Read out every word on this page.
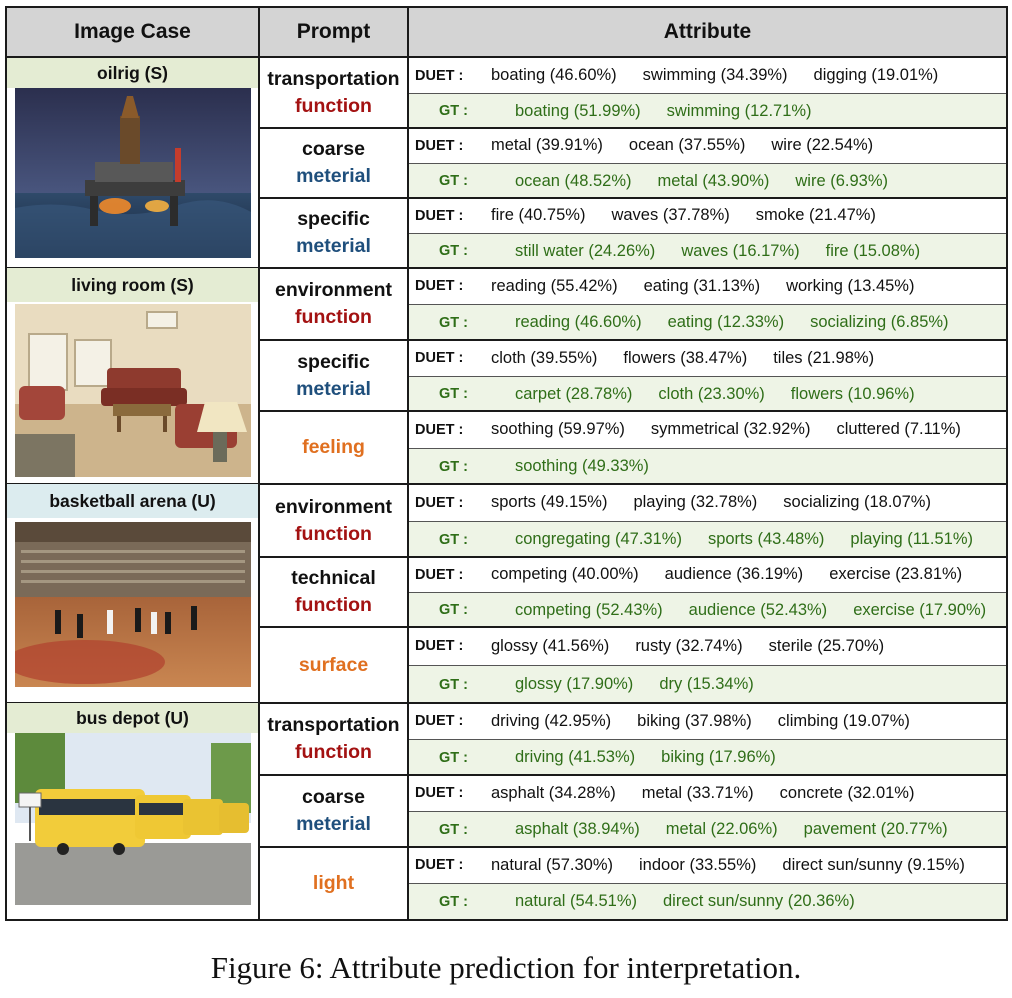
Image Case	Prompt	Attribute
oilrig (S)	transportation
function
DUET :	boating (46.60%) swimming (34.39%) digging (19.01%)
GT :	boating (51.99%) swimming (12.71%)
coarse
meterial
DUET :	metal (39.91%) ocean (37.55%) wire (22.54%)
GT :	ocean (48.52%) metal (43.90%) wire (6.93%)
specific
meterial
DUET :	fire (40.75%) waves (37.78%) smoke (21.47%)
GT :	still water (24.26%) waves (16.17%) fire (15.08%)
living room (S)	environment
function
DUET :	reading (55.42%) eating (31.13%) working (13.45%)
GT :	reading (46.60%) eating (12.33%) socializing (6.85%)
specific
meterial
DUET :	cloth (39.55%) flowers (38.47%) tiles (21.98%)
GT :	carpet (28.78%) cloth (23.30%) flowers (10.96%)
feeling
DUET :	soothing (59.97%) symmetrical (32.92%) cluttered (7.11%)
GT :	soothing (49.33%)
basketball arena (U)	environment
function
DUET :	sports (49.15%) playing (32.78%) socializing (18.07%)
GT :	congregating (47.31%) sports (43.48%) playing (11.51%)
technical
function
DUET :	competing (40.00%) audience (36.19%) exercise (23.81%)
GT :	competing (52.43%) audience (52.43%) exercise (17.90%)
surface
DUET :	glossy (41.56%) rusty (32.74%) sterile (25.70%)
GT :	glossy (17.90%) dry (15.34%)
bus depot (U)	transportation
function
DUET :	driving (42.95%) biking (37.98%) climbing (19.07%)
GT :	driving (41.53%) biking (17.96%)
coarse
meterial
DUET :	asphalt (34.28%) metal (33.71%) concrete (32.01%)
GT :	asphalt (38.94%) metal (22.06%) pavement (20.77%)
light
DUET :	natural (57.30%) indoor (33.55%) direct sun/sunny (9.15%)
GT :	natural (54.51%) direct sun/sunny (20.36%)
Figure 6: Attribute prediction for interpretation.
